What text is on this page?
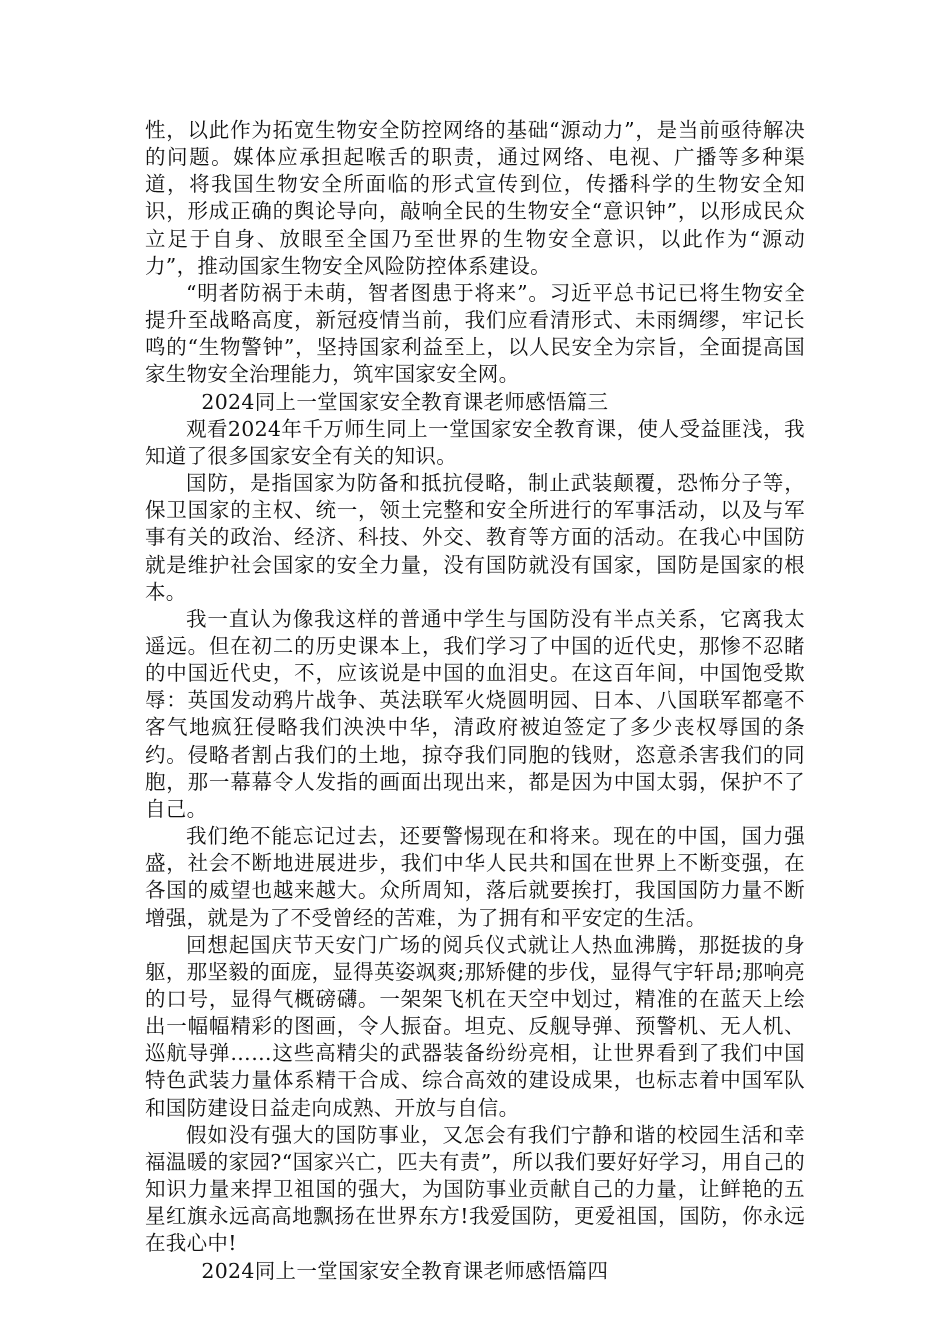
性，以此作为拓宽生物安全防控网络的基础“源动力”，是当前亟待解决的问题。媒体应承担起喉舌的职责，通过网络、电视、广播等多种渠道，将我国生物安全所面临的形式宣传到位，传播科学的生物安全知识，形成正确的舆论导向，敲响全民的生物安全“意识钟”，以形成民众立足于自身、放眼至全国乃至世界的生物安全意识，以此作为“源动力”，推动国家生物安全风险防控体系建设。

“明者防祸于未萌，智者图患于将来”。习近平总书记已将生物安全提升至战略高度，新冠疫情当前，我们应看清形式、未雨绸缪，牢记长鸣的“生物警钟”，坚持国家利益至上，以人民安全为宗旨，全面提高国家生物安全治理能力，筑牢国家安全网。

2024同上一堂国家安全教育课老师感悟篇三

观看2024年千万师生同上一堂国家安全教育课，使人受益匪浅，我知道了很多国家安全有关的知识。

国防，是指国家为防备和抵抗侵略，制止武装颠覆，恐怖分子等，保卫国家的主权、统一，领土完整和安全所进行的军事活动，以及与军事有关的政治、经济、科技、外交、教育等方面的活动。在我心中国防就是维护社会国家的安全力量，没有国防就没有国家，国防是国家的根本。

我一直认为像我这样的普通中学生与国防没有半点关系，它离我太遥远。但在初二的历史课本上，我们学习了中国的近代史，那惨不忍睹的中国近代史，不，应该说是中国的血泪史。在这百年间，中国饱受欺辱：英国发动鸦片战争、英法联军火烧圆明园、日本、八国联军都毫不客气地疯狂侵略我们泱泱中华，清政府被迫签定了多少丧权辱国的条约。侵略者割占我们的土地，掠夺我们同胞的钱财，恣意杀害我们的同胞，那一幕幕令人发指的画面出现出来，都是因为中国太弱，保护不了自己。

我们绝不能忘记过去，还要警惕现在和将来。现在的中国，国力强盛，社会不断地进展进步，我们中华人民共和国在世界上不断变强，在各国的威望也越来越大。众所周知，落后就要挨打，我国国防力量不断增强，就是为了不受曾经的苦难，为了拥有和平安定的生活。

回想起国庆节天安门广场的阅兵仪式就让人热血沸腾，那挺拔的身躯，那坚毅的面庞，显得英姿飒爽;那矫健的步伐，显得气宇轩昂;那响亮的口号，显得气概磅礴。一架架飞机在天空中划过，精准的在蓝天上绘出一幅幅精彩的图画，令人振奋。坦克、反舰导弹、预警机、无人机、巡航导弹……这些高精尖的武器装备纷纷亮相，让世界看到了我们中国特色武装力量体系精干合成、综合高效的建设成果，也标志着中国军队和国防建设日益走向成熟、开放与自信。

假如没有强大的国防事业，又怎会有我们宁静和谐的校园生活和幸福温暖的家园?“国家兴亡，匹夫有责”，所以我们要好好学习，用自己的知识力量来捍卫祖国的强大，为国防事业贡献自己的力量，让鲜艳的五星红旗永远高高地飘扬在世界东方!我爱国防，更爱祖国，国防，你永远在我心中!

2024同上一堂国家安全教育课老师感悟篇四
